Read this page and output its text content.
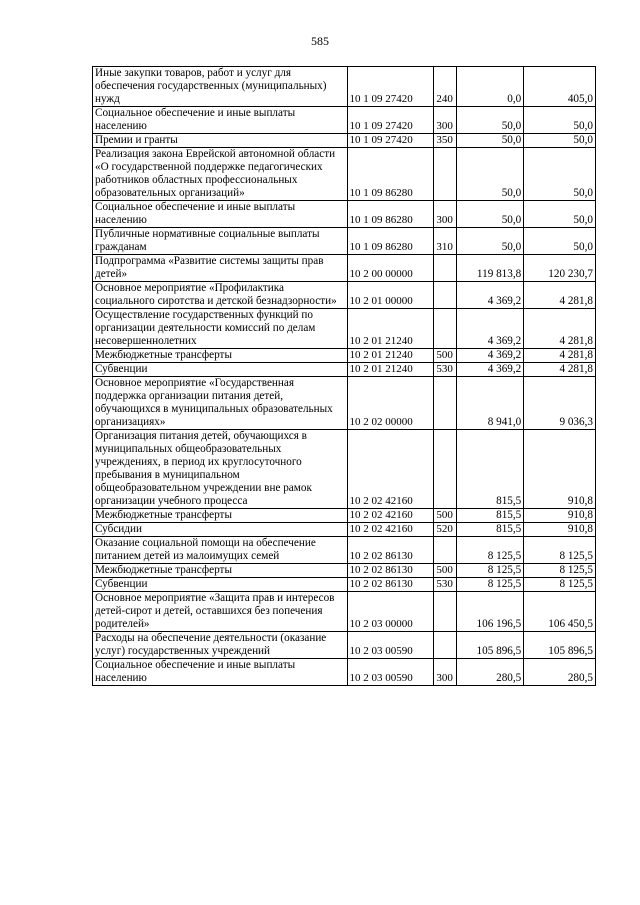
585
Иные закупки товаров, работ и услуг для обеспечения государственных (муниципальных) нужд	10 1 09 27420	240	0,0	405,0
Социальное обеспечение и иные выплаты населению	10 1 09 27420	300	50,0	50,0
Премии и гранты	10 1 09 27420	350	50,0	50,0
Реализация закона Еврейской автономной области «О государственной поддержке педагогических работников областных профессиональных образовательных организаций»	10 1 09 86280		50,0	50,0
Социальное обеспечение и иные выплаты населению	10 1 09 86280	300	50,0	50,0
Публичные нормативные социальные выплаты гражданам	10 1 09 86280	310	50,0	50,0
Подпрограмма «Развитие системы защиты прав детей»	10 2 00 00000		119 813,8	120 230,7
Основное мероприятие «Профилактика социального сиротства и детской безнадзорности»	10 2 01 00000		4 369,2	4 281,8
Осуществление государственных функций по организации деятельности комиссий по делам несовершеннолетних	10 2 01 21240		4 369,2	4 281,8
Межбюджетные трансферты	10 2 01 21240	500	4 369,2	4 281,8
Субвенции	10 2 01 21240	530	4 369,2	4 281,8
Основное мероприятие «Государственная поддержка организации питания детей, обучающихся в муниципальных образовательных организациях»	10 2 02 00000		8 941,0	9 036,3
Организация питания детей, обучающихся в муниципальных общеобразовательных учреждениях, в период их круглосуточного пребывания в муниципальном общеобразовательном учреждении вне рамок организации учебного процесса	10 2 02 42160		815,5	910,8
Межбюджетные трансферты	10 2 02 42160	500	815,5	910,8
Субсидии	10 2 02 42160	520	815,5	910,8
Оказание социальной помощи на обеспечение питанием детей из малоимущих семей	10 2 02 86130		8 125,5	8 125,5
Межбюджетные трансферты	10 2 02 86130	500	8 125,5	8 125,5
Субвенции	10 2 02 86130	530	8 125,5	8 125,5
Основное мероприятие «Защита прав и интересов детей-сирот и детей, оставшихся без попечения родителей»	10 2 03 00000		106 196,5	106 450,5
Расходы на обеспечение деятельности (оказание услуг) государственных учреждений	10 2 03 00590		105 896,5	105 896,5
Социальное обеспечение и иные выплаты населению	10 2 03 00590	300	280,5	280,5
